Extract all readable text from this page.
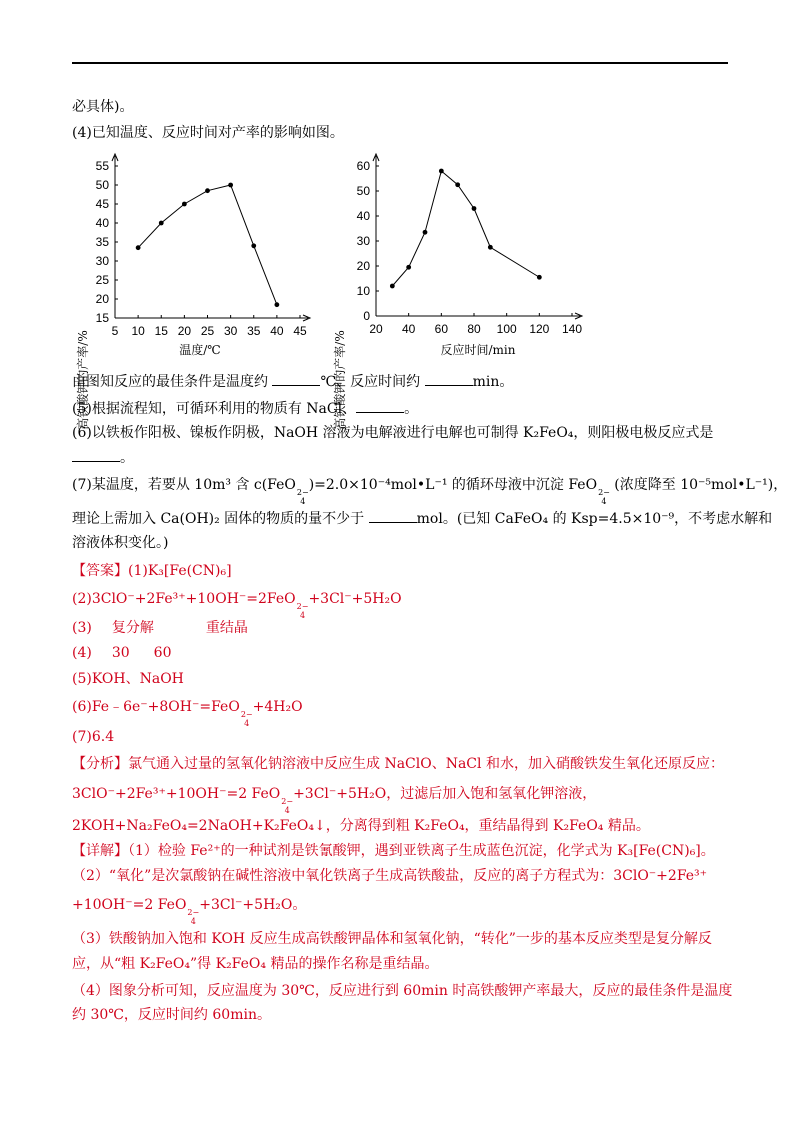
必具体)。
(4)已知温度、反应时间对产率的影响如图。
5 10 15 20 25 30 35 40 45
15
20
25
30
35
40
45
50
55
高铁酸钾的产率/%	温度/℃
20 40 60 80 100 120 140
0
10
20
30
40
50
60
高铁酸钾的产率/%	反应时间/min
由图知反应的最佳条件是温度约	℃、反应时间约	min。
(5)根据流程知，可循环利用的物质有 NaCl、	。
(6)以铁板作阳极、镍板作阴极，NaOH 溶液为电解液进行电解也可制得 K₂FeO₄，则阳极电极反应式是
。
(7)某温度，若要从 10m³ 含 c(FeO 2−
4
)=2.0×10⁻⁴mol•L⁻¹ 的循环母液中沉淀 FeO 2−
4
(浓度降至 10⁻⁵mol•L⁻¹)，
理论上需加入 Ca(OH)₂ 固体的物质的量不少于	mol。(已知 CaFeO₄ 的 Ksp=4.5×10⁻⁹，不考虑水解和
溶液体积变化。)
【答案】(1)K₃[Fe(CN)₆]
(2)3ClO⁻+2Fe³⁺+10OH⁻=2FeO 2−
4
+3Cl⁻+5H₂O
(3) 复分解	重结晶
(4) 30 60
(5)KOH、NaOH
(6)Fe﹣6e⁻+8OH⁻=FeO 2−
4
+4H₂O
(7)6.4
【分析】氯气通入过量的氢氧化钠溶液中反应生成 NaClO、NaCl 和水，加入硝酸铁发生氧化还原反应：
3ClO⁻+2Fe³⁺+10OH⁻=2 FeO 2−
4
+3Cl⁻+5H₂O，过滤后加入饱和氢氧化钾溶液，
2KOH+Na₂FeO₄=2NaOH+K₂FeO₄↓，分离得到粗 K₂FeO₄，重结晶得到 K₂FeO₄ 精品。
【详解】（1）检验 Fe²⁺的一种试剂是铁氰酸钾，遇到亚铁离子生成蓝色沉淀，化学式为 K₃[Fe(CN)₆]。
（2）“氧化”是次氯酸钠在碱性溶液中氧化铁离子生成高铁酸盐，反应的离子方程式为：3ClO⁻+2Fe³⁺
+10OH⁻=2 FeO 2−
4
+3Cl⁻+5H₂O。
（3）铁酸钠加入饱和 KOH 反应生成高铁酸钾晶体和氢氧化钠，“转化”一步的基本反应类型是复分解反
应，从“粗 K₂FeO₄”得 K₂FeO₄ 精品的操作名称是重结晶。
（4）图象分析可知，反应温度为 30℃，反应进行到 60min 时高铁酸钾产率最大，反应的最佳条件是温度
约 30℃，反应时间约 60min。
